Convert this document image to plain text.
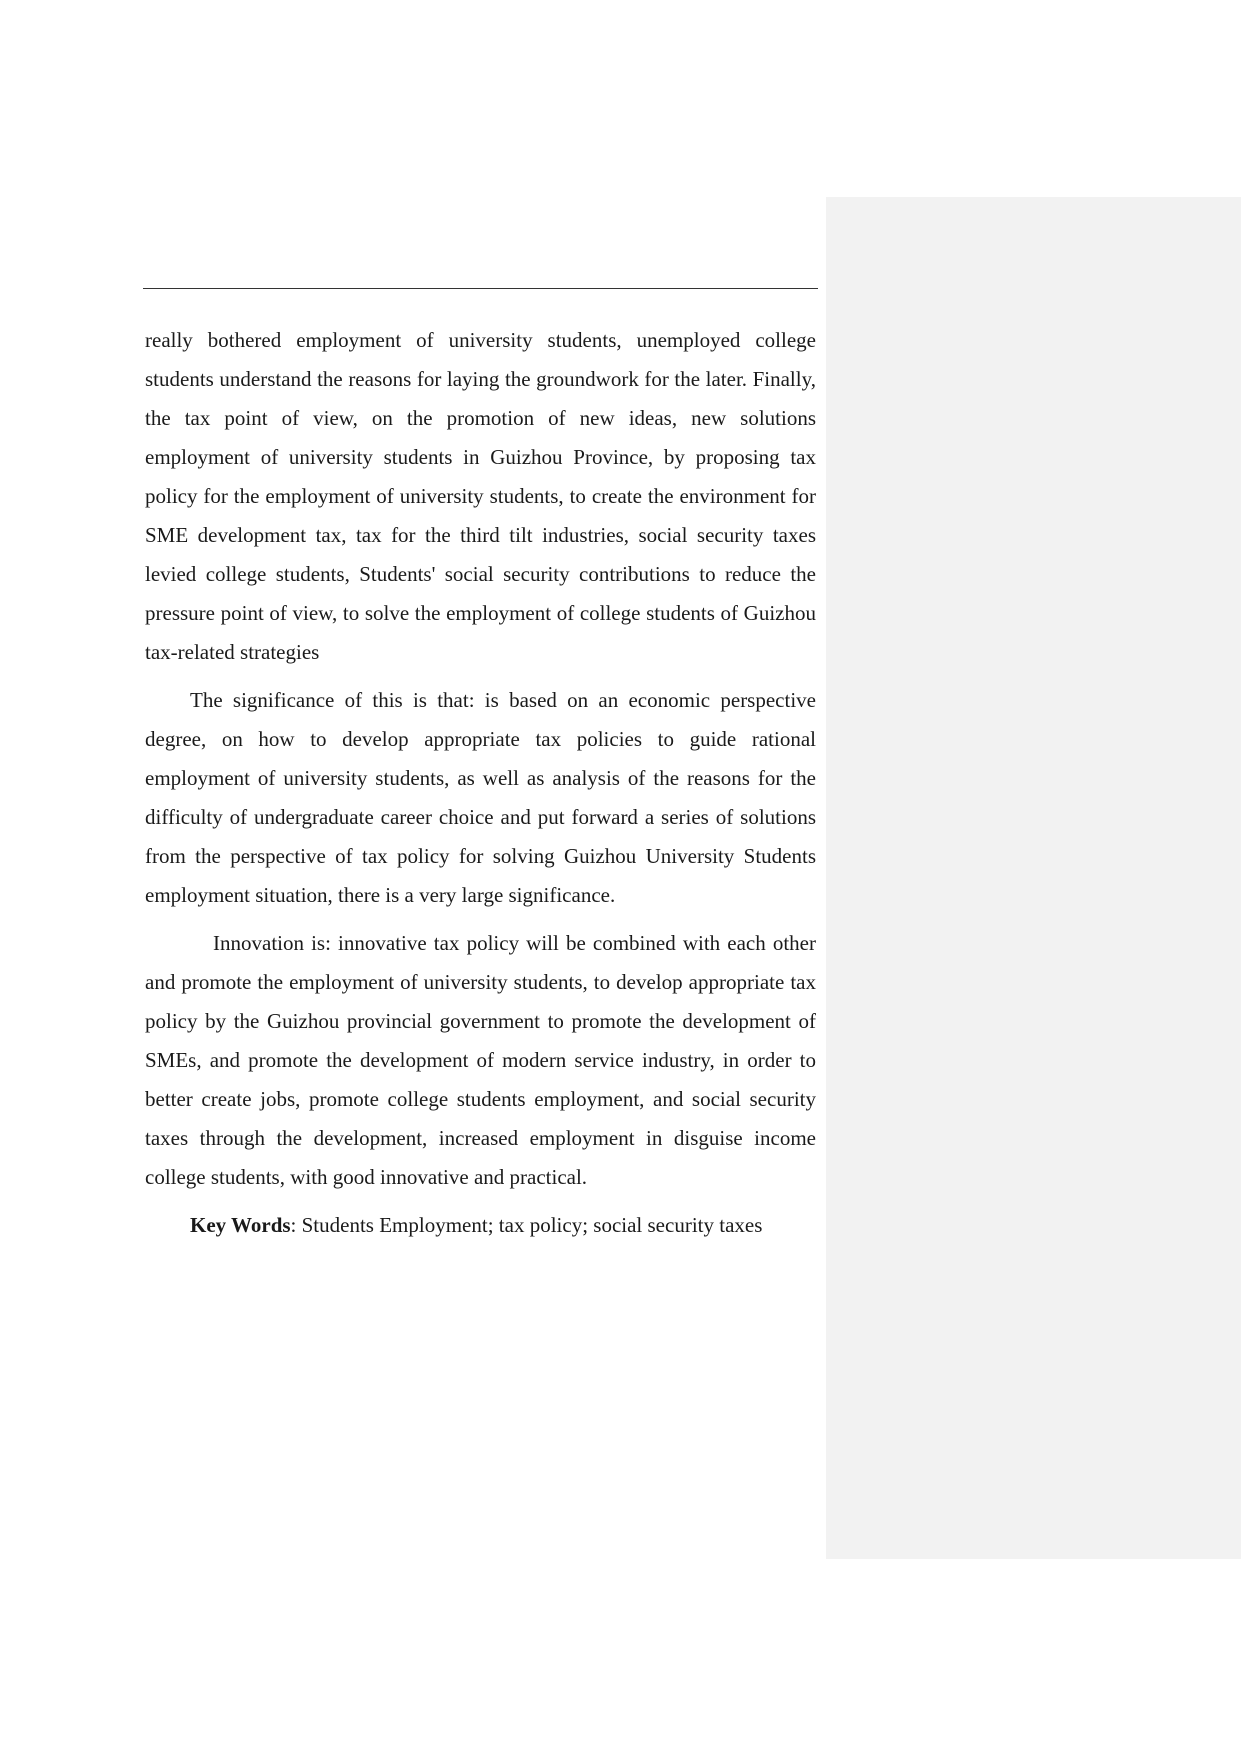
really bothered employment of university students, unemployed college students understand the reasons for laying the groundwork for the later. Finally, the tax point of view, on the promotion of new ideas, new solutions employment of university students in Guizhou Province, by proposing tax policy for the employment of university students, to create the environment for SME development tax, tax for the third tilt industries, social security taxes levied college students, Students' social security contributions to reduce the pressure point of view, to solve the employment of college students of Guizhou tax-related strategies

The significance of this is that: is based on an economic perspective degree, on how to develop appropriate tax policies to guide rational employment of university students, as well as analysis of the reasons for the difficulty of undergraduate career choice and put forward a series of solutions from the perspective of tax policy for solving Guizhou University Students employment situation, there is a very large significance.

Innovation is: innovative tax policy will be combined with each other and promote the employment of university students, to develop appropriate tax policy by the Guizhou provincial government to promote the development of SMEs, and promote the development of modern service industry, in order to better create jobs, promote college students employment, and social security taxes through the development, increased employment in disguise income college students, with good innovative and practical.

Key Words: Students Employment; tax policy; social security taxes
